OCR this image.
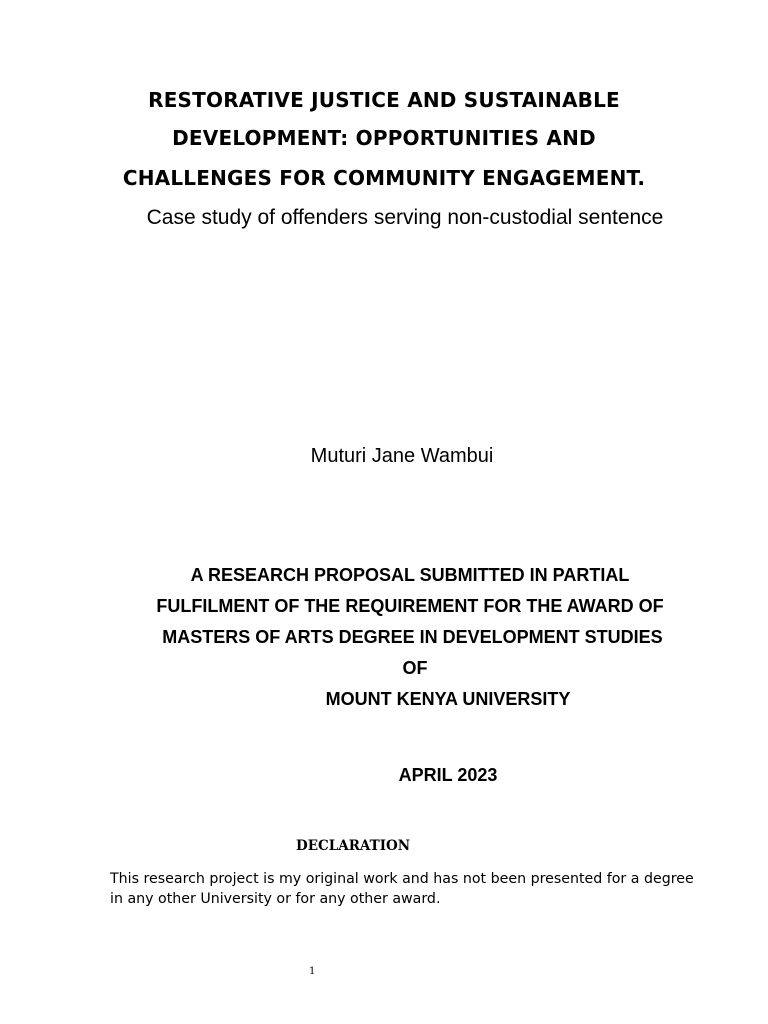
RESTORATIVE JUSTICE AND SUSTAINABLE
DEVELOPMENT: OPPORTUNITIES AND
CHALLENGES FOR COMMUNITY ENGAGEMENT.
Case study of offenders serving non-custodial sentence
Muturi Jane Wambui
A RESEARCH PROPOSAL SUBMITTED IN PARTIAL
FULFILMENT OF THE REQUIREMENT FOR THE AWARD OF
MASTERS OF ARTS DEGREE IN DEVELOPMENT STUDIES
OF
MOUNT KENYA UNIVERSITY
APRIL 2023
DECLARATION
This research project is my original work and has not been presented for a degree in any other University or for any other award.
1
